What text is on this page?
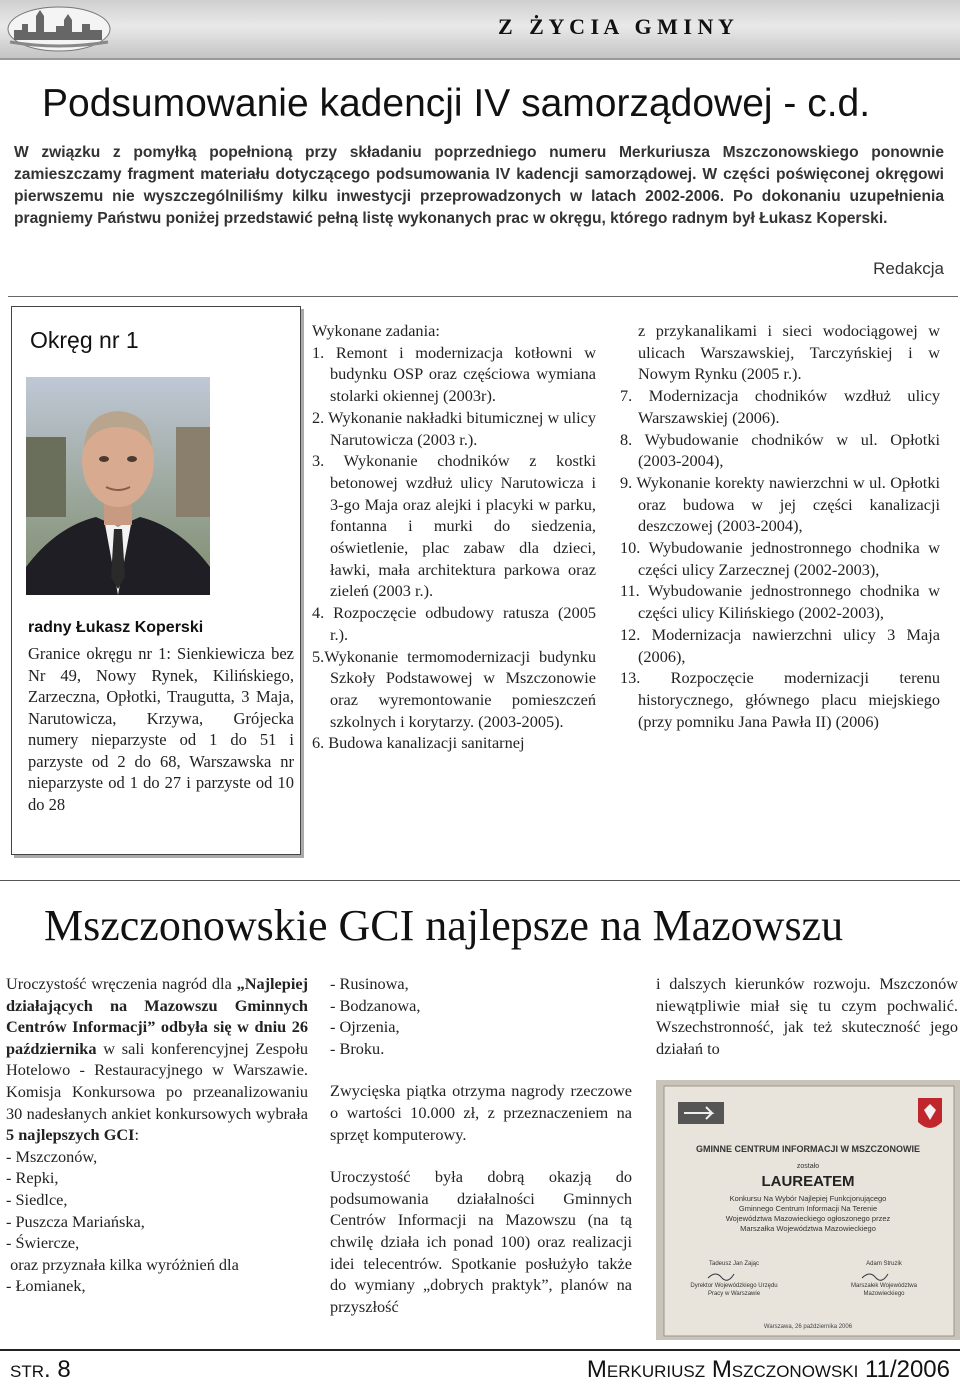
Z   Ż Y C I A   G M I N Y
Podsumowanie kadencji IV samorządowej - c.d.
W związku z pomyłką popełnioną przy składaniu poprzedniego numeru Merkuriusza Mszczonowskiego ponownie zamieszczamy fragment materiału dotyczącego podsumowania IV kadencji samorządowej. W części poświęconej okręgowi pierwszemu nie wyszczególniliśmy kilku inwestycji przeprowadzonych w latach 2002-2006. Po dokonaniu uzupełnienia pragniemy Państwu poniżej przedstawić pełną listę wykonanych prac w okręgu, którego radnym był Łukasz Koperski.
Redakcja
Okręg nr 1
radny Łukasz Koperski
Granice okręgu nr 1: Sienkiewicza bez Nr 49, Nowy Rynek, Kilińskiego, Zarzeczna, Opłotki, Traugutta, 3 Maja, Narutowicza, Krzywa, Grójecka numery nieparzyste od 1 do 51 i parzyste od 2 do 68, Warszawska nr nieparzyste od 1 do 27 i parzyste od 10 do 28

Wykonane zadania:

1. Remont i modernizacja kotłowni w budynku OSP oraz częściowa wymiana stolarki okiennej (2003r).

2. Wykonanie nakładki bitumicznej w ulicy Narutowicza (2003 r.).

3. Wykonanie chodników z kostki betonowej wzdłuż ulicy Narutowicza i 3-go Maja oraz alejki i placyki w parku, fontanna i murki do siedzenia, oświetlenie, plac zabaw dla dzieci, ławki, mała architektura parkowa oraz zieleń (2003 r.).

4. Rozpoczęcie odbudowy ratusza (2005 r.).

5.Wykonanie termomodernizacji budynku Szkoły Podstawowej w Mszczonowie oraz wyremontowanie pomieszczeń szkolnych i korytarzy. (2003-2005).

6. Budowa kanalizacji sanitarnej

z przykanalikami i sieci wodociągowej w ulicach Warszawskiej, Tarczyńskiej i w Nowym Rynku (2005 r.).

7. Modernizacja chodników wzdłuż ulicy Warszawskiej (2006).

8. Wybudowanie chodników w ul. Opłotki (2003-2004),

9. Wykonanie korekty nawierzchni w ul. Opłotki oraz budowa w jej części kanalizacji deszczowej (2003-2004),

10. Wybudowanie jednostronnego chodnika w części ulicy Zarzecznej (2002-2003),

11. Wybudowanie jednostronnego chodnika w części ulicy Kilińskiego (2002-2003),

12. Modernizacja nawierzchni ulicy 3 Maja (2006),

13. Rozpoczęcie modernizacji terenu historycznego, głównego placu miejskiego (przy pomniku Jana Pawła II) (2006)

Mszczonowskie GCI najlepsze na Mazowszu

Uroczystość wręczenia nagród dla „Najlepiej działających na Mazowszu Gminnych Centrów Informacji” odbyła się w dniu 26 października w sali konferencyjnej Zespołu Hotelowo - Restauracyjnego w Warszawie. Komisja Konkursowa po przeanalizowaniu 30 nadesłanych ankiet konkursowych wybrała 5 najlepszych GCI:

- Mszczonów,

- Repki,

- Siedlce,

- Puszcza Mariańska,

- Świercze,

oraz przyznała kilka wyróżnień dla

- Łomianek,

- Rusinowa,

- Bodzanowa,

- Ojrzenia,

- Broku.

Zwycięska piątka otrzyma nagrody rzeczowe o wartości 10.000 zł, z przeznaczeniem na sprzęt komputerowy.

Uroczystość była dobrą okazją do podsumowania działalności Gminnych Centrów Informacji na Mazowszu (na tą chwilę działa ich ponad 100) oraz realizacji idei telecentrów. Spotkanie posłużyło także do wymiany „dobrych praktyk”, planów na przyszłość

i dalszych kierunków rozwoju. Mszczonów niewątpliwie miał się tu czym pochwalić. Wszechstronność, jak też skuteczność jego działań to

GMINNE CENTRUM INFORMACJI W MSZCZONOWIE
zostało
LAUREATEM
Konkursu Na Wybór Najlepiej Funkcjonującego Gminnego Centrum Informacji Na Terenie Województwa Mazowieckiego ogłoszonego przez Marszałka Województwa Mazowieckiego
Tadeusz Jan Zając
Dyrektor Wojewódzkiego Urzędu Pracy w Warszawie
Adam Struzik
Marszałek Województwa Mazowieckiego
Warszawa, 26 października 2006
str. 8	Merkuriusz Mszczonowski 11/2006
